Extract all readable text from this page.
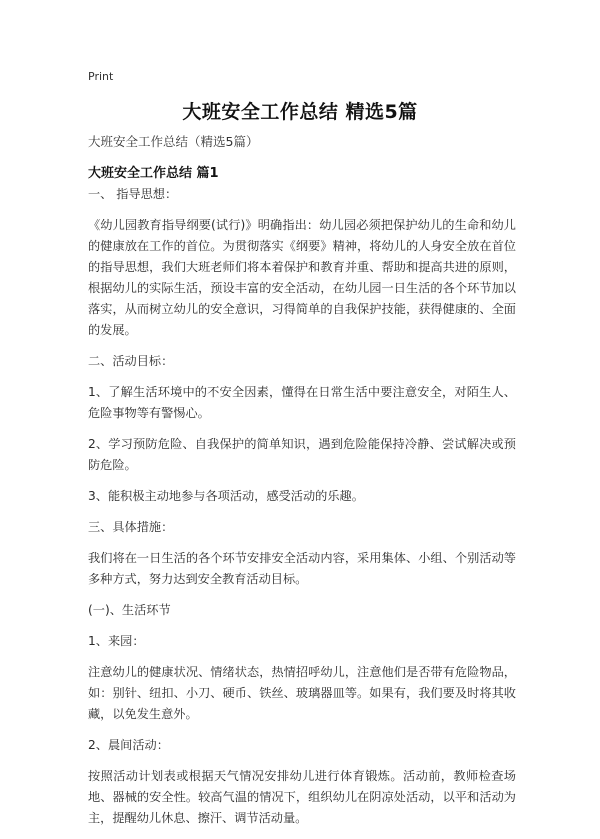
Print
大班安全工作总结 精选5篇
大班安全工作总结（精选5篇）
大班安全工作总结 篇1

一、 指导思想：

《幼儿园教育指导纲要(试行)》明确指出：幼儿园必须把保护幼儿的生命和幼儿的健康放在工作的首位。为贯彻落实《纲要》精神，将幼儿的人身安全放在首位的指导思想，我们大班老师们将本着保护和教育并重、帮助和提高共进的原则，根据幼儿的实际生活，预设丰富的安全活动，在幼儿园一日生活的各个环节加以落实，从而树立幼儿的安全意识，习得简单的自我保护技能，获得健康的、全面的发展。

二、活动目标：

1、了解生活环境中的不安全因素，懂得在日常生活中要注意安全，对陌生人、危险事物等有警惕心。

2、学习预防危险、自我保护的简单知识，遇到危险能保持冷静、尝试解决或预防危险。

3、能积极主动地参与各项活动，感受活动的乐趣。

三、具体措施：

我们将在一日生活的各个环节安排安全活动内容，采用集体、小组、个别活动等多种方式，努力达到安全教育活动目标。

(一)、生活环节

1、来园：

注意幼儿的健康状况、情绪状态，热情招呼幼儿，注意他们是否带有危险物品，如：别针、纽扣、小刀、硬币、铁丝、玻璃器皿等。如果有，我们要及时将其收藏，以免发生意外。

2、晨间活动：

按照活动计划表或根据天气情况安排幼儿进行体育锻炼。活动前，教师检查场地、器械的安全性。较高气温的情况下，组织幼儿在阴凉处活动，以平和活动为主，提醒幼儿休息、擦汗、调节活动量。
